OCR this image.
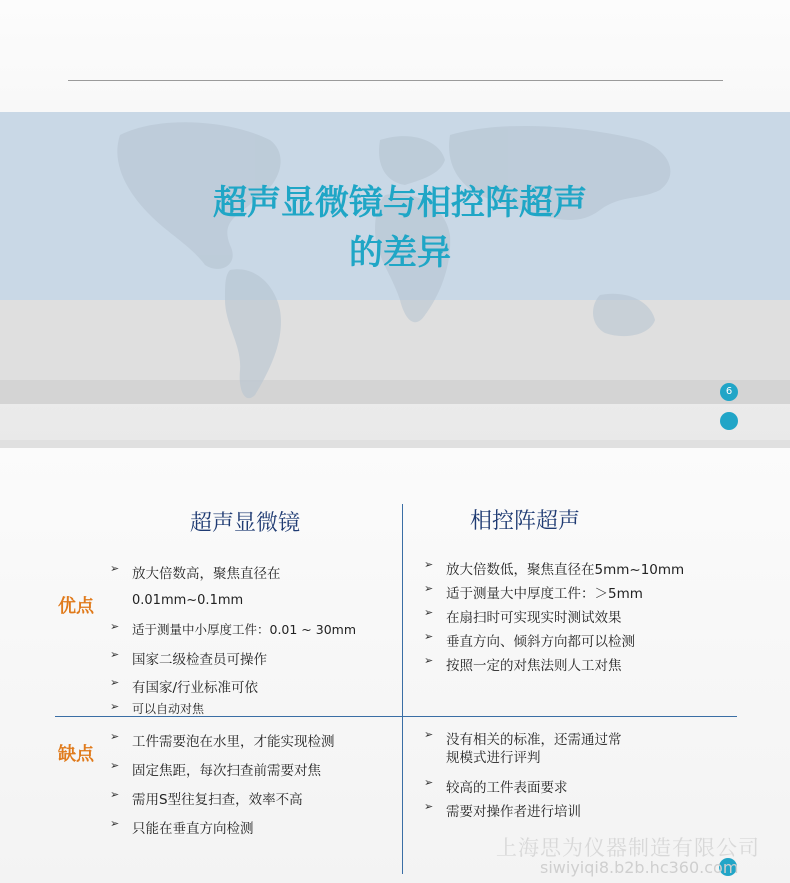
超声显微镜与相控阵超声
的差异
6
超声显微镜	相控阵超声
优点
缺点
➢ 放大倍数高，聚焦直径在
0.01mm~0.1mm
➢ 适于测量中小厚度工件：0.01 ~ 30mm
➢ 国家二级检查员可操作
➢ 有国家/行业标准可依
➢ 可以自动对焦
➢ 放大倍数低，聚焦直径在5mm~10mm
➢ 适于测量大中厚度工件：＞5mm
➢ 在扇扫时可实现实时测试效果
➢ 垂直方向、倾斜方向都可以检测
➢ 按照一定的对焦法则人工对焦
➢ 工件需要泡在水里，才能实现检测
➢ 固定焦距，每次扫查前需要对焦
➢ 需用S型往复扫查，效率不高
➢ 只能在垂直方向检测
➢ 没有相关的标准，还需通过常
规模式进行评判
➢ 较高的工件表面要求
➢ 需要对操作者进行培训
上海思为仪器制造有限公司
siwiyiqi8.b2b.hc360.com
